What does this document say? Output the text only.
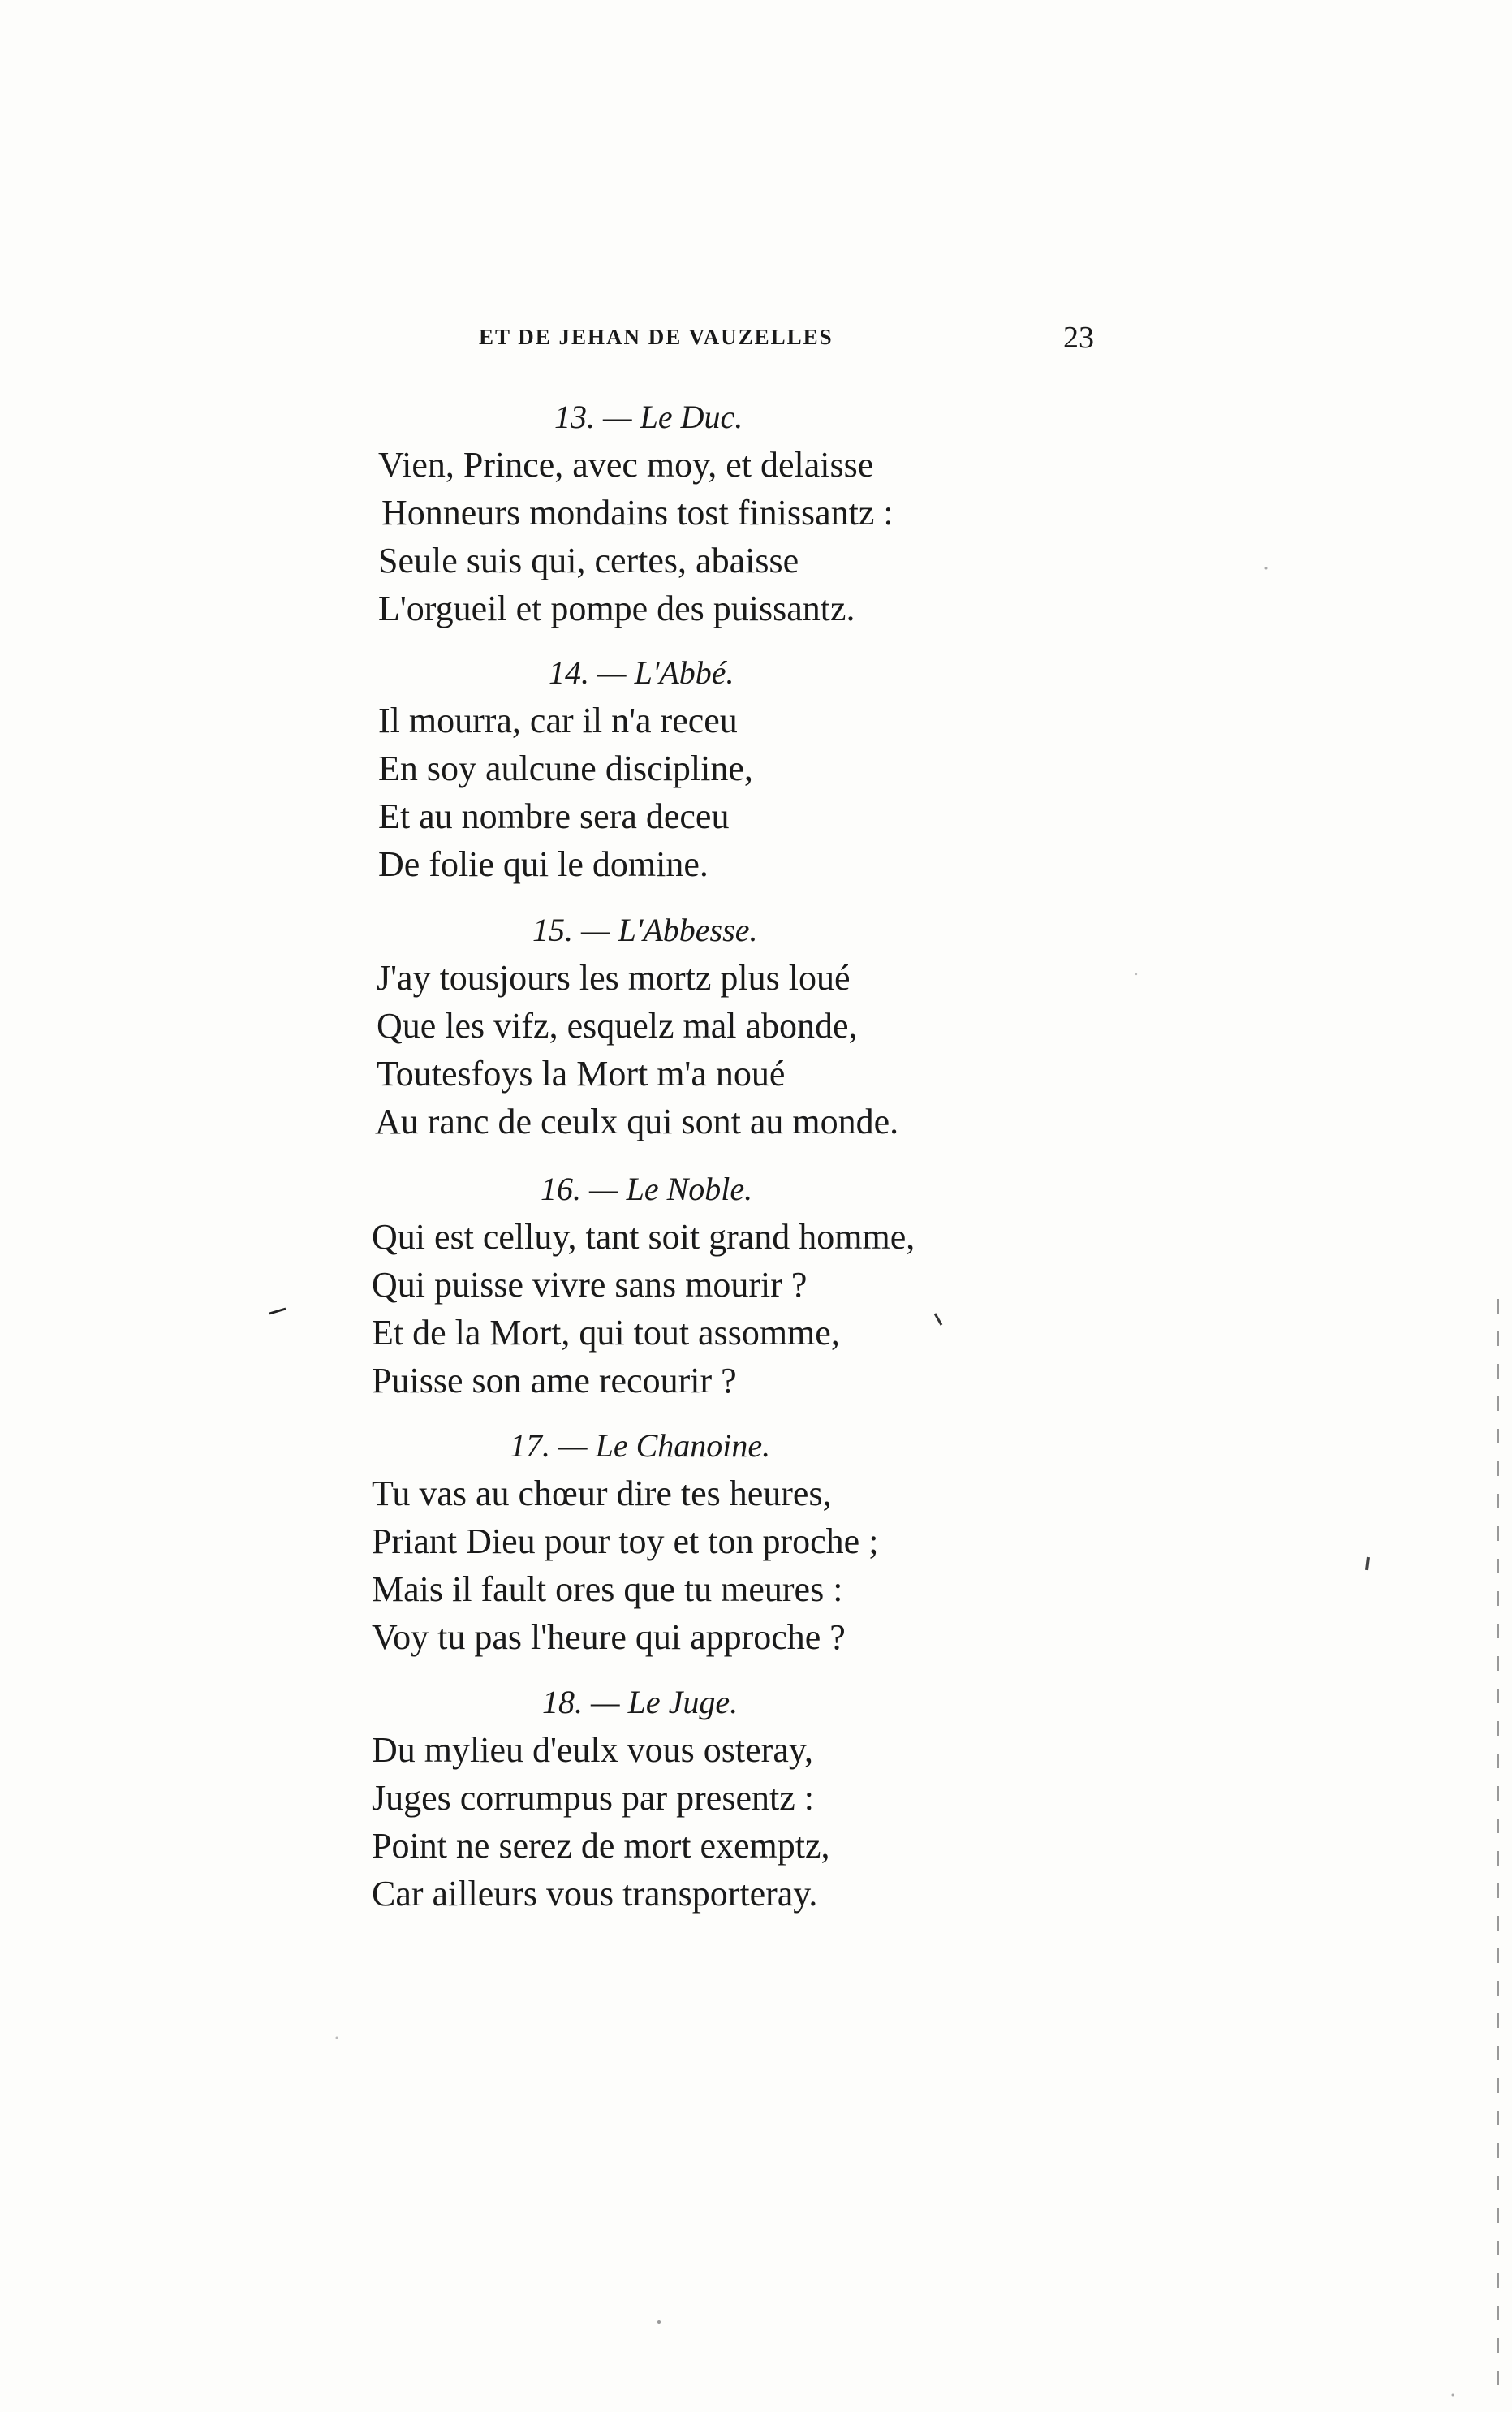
ET DE JEHAN DE VAUZELLES	23
13. — Le Duc.
Vien, Prince, avec moy, et delaisse
Honneurs mondains tost finissantz :
Seule suis qui, certes, abaisse
L'orgueil et pompe des puissantz.
14. — L'Abbé.
Il mourra, car il n'a receu
En soy aulcune discipline,
Et au nombre sera deceu
De folie qui le domine.
15. — L'Abbesse.
J'ay tousjours les mortz plus loué
Que les vifz, esquelz mal abonde,
Toutesfoys la Mort m'a noué
Au ranc de ceulx qui sont au monde.
16. — Le Noble.
Qui est celluy, tant soit grand homme,
Qui puisse vivre sans mourir ?
Et de la Mort, qui tout assomme,
Puisse son ame recourir ?
17. — Le Chanoine.
Tu vas au chœur dire tes heures,
Priant Dieu pour toy et ton proche ;
Mais il fault ores que tu meures :
Voy tu pas l'heure qui approche ?
18. — Le Juge.
Du mylieu d'eulx vous osteray,
Juges corrumpus par presentz :
Point ne serez de mort exemptz,
Car ailleurs vous transporteray.
